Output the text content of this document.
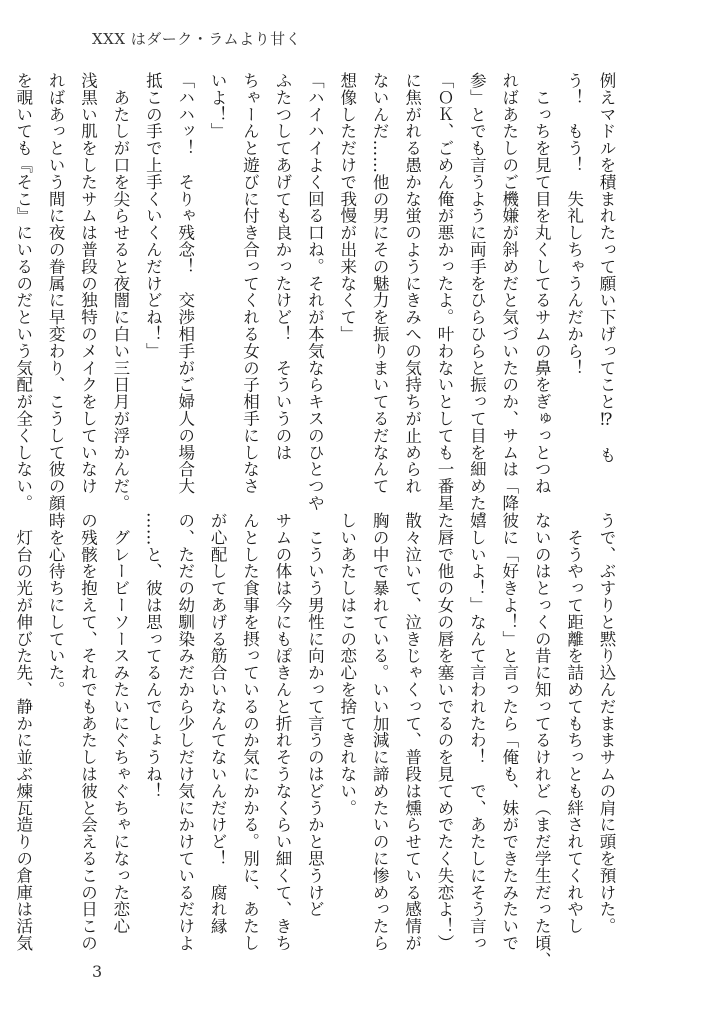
XXX はダーク・ラムより甘く
例えマドルを積まれたって願い下げってこと⁉　も
う！　もう！　失礼しちゃうんだから！
　こっちを見て目を丸くしてるサムの鼻をぎゅっとつね
ればあたしのご機嫌が斜めだと気づいたのか、サムは「降
参」とでも言うように両手をひらひらと振って目を細めた。
「ＯＫ、ごめん俺が悪かったよ。叶わないとしても一番星
に焦がれる愚かな蛍のようにきみへの気持ちが止められ
ないんだ……他の男にその魅力を振りまいてるだなんて
想像しただけで我慢が出来なくて」
「ハイハイよく回る口ね。それが本気ならキスのひとつや
ふたつしてあげても良かったけど！　そういうのは
ちゃーんと遊びに付き合ってくれる女の子相手にしなさ
いよ！」
「ハハッ！　そりゃ残念！　交渉相手がご婦人の場合大
抵この手で上手くいくんだけどね！」
　あたしが口を尖らせると夜闇に白い三日月が浮かんだ。
浅黒い肌をしたサムは普段の独特のメイクをしていなけ
ればあっという間に夜の眷属に早変わり、こうして彼の顔
を覗いても『そこ』にいるのだという気配が全くしない。
うで、ぶすりと黙り込んだままサムの肩に頭を預けた。
　そうやって距離を詰めてもちっとも絆されてくれやし
ないのはとっくの昔に知ってるけれど（まだ学生だった頃、
彼に「好きよ！」と言ったら「俺も、妹ができたみたいで
嬉しいよ！」なんて言われたわ！　で、あたしにそう言っ
た唇で他の女の唇を塞いでるのを見てめでたく失恋よ！）
散々泣いて、泣きじゃくって、普段は燻らせている感情が
胸の中で暴れている。いい加減に諦めたいのに惨めったら
しいあたしはこの恋心を捨てきれない。
　こういう男性に向かって言うのはどうかと思うけど
サムの体は今にもぽきんと折れそうなくらい細くて、きち
んとした食事を摂っているのか気にかかる。別に、あたし
が心配してあげる筋合いなんてないんだけど！　腐れ縁
の、ただの幼馴染みだから少しだけ気にかけているだけよ
……と、彼は思ってるんでしょうね！
　グレービーソースみたいにぐちゃぐちゃになった恋心
の残骸を抱えて、それでもあたしは彼と会えるこの日この
時を心待ちにしていた。
　灯台の光が伸びた先、静かに並ぶ煉瓦造りの倉庫は活気
3
